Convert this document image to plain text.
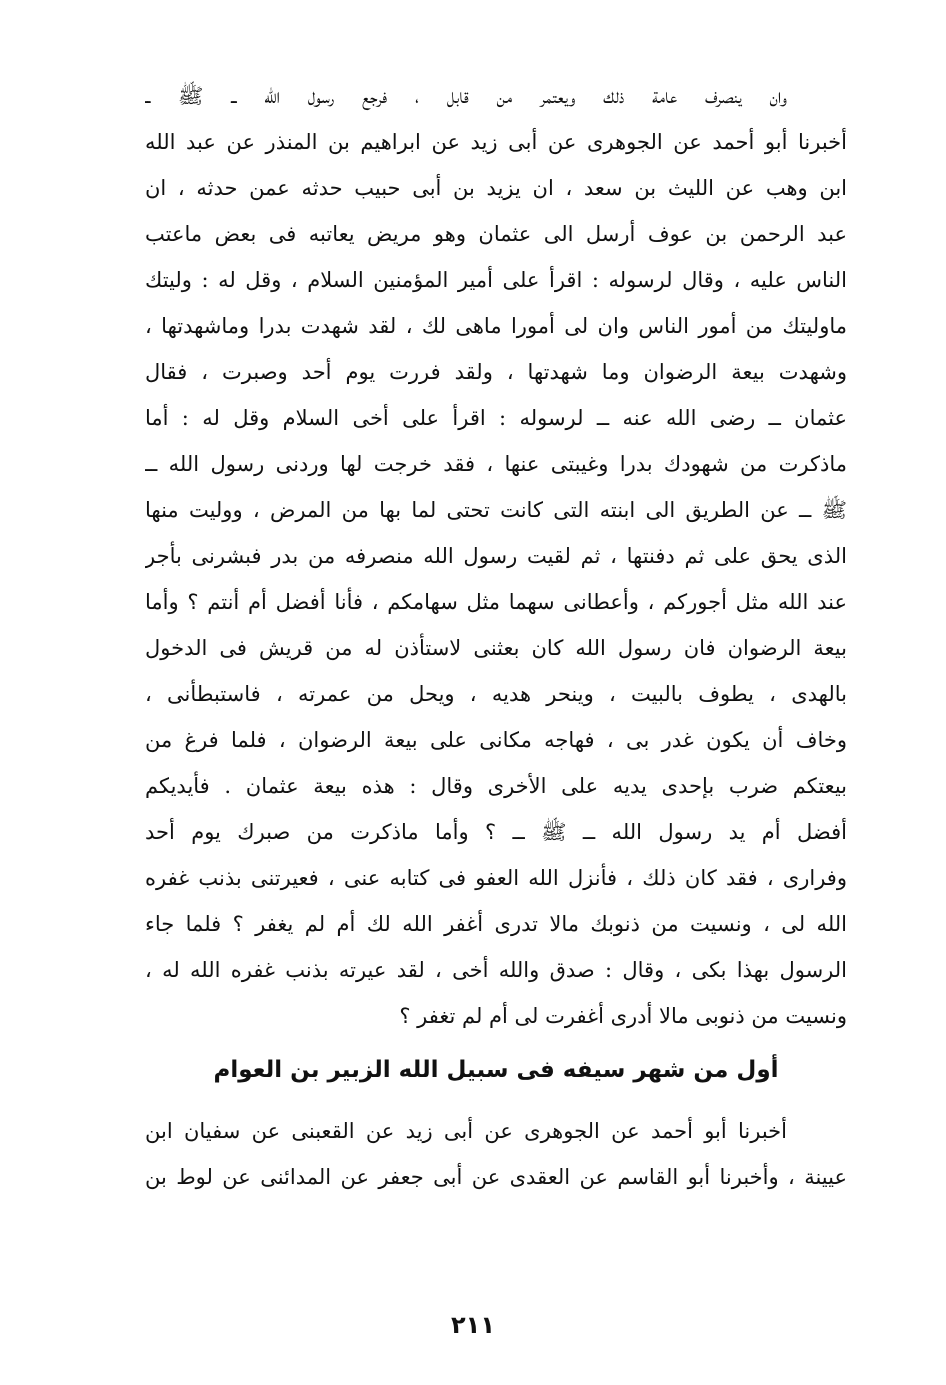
وان ينصرف عامة ذلك ويعتمر من قابل ، فرجع رسول الله ــ ﷺ ــ
أخبرنا أبو أحمد عن الجوهرى عن أبى زيد عن ابراهيم بن المنذر عن عبد الله
ابن وهب عن الليث بن سعد ، ان يزيد بن أبى حبيب حدثه عمن حدثه ، ان
عبد الرحمن بن عوف أرسل الى عثمان وهو مريض يعاتبه فى بعض ماعتب
الناس عليه ، وقال لرسوله : اقرأ على أمير المؤمنين السلام ، وقل له : وليتك
ماوليتك من أمور الناس وان لى أمورا ماهى لك ، لقد شهدت بدرا وماشهدتها ،
وشهدت بيعة الرضوان وما شهدتها ، ولقد فررت يوم أحد وصبرت ، فقال
عثمان ــ رضى الله عنه ــ لرسوله : اقرأ على أخى السلام وقل له : أما
ماذكرت من شهودك بدرا وغيبتى عنها ، فقد خرجت لها وردنى رسول الله ــ
ﷺ ــ عن الطريق الى ابنته التى كانت تحتى لما بها من المرض ، ووليت منها
الذى يحق على ثم دفنتها ، ثم لقيت رسول الله منصرفه من بدر فبشرنى بأجر
عند الله مثل أجوركم ، وأعطانى سهما مثل سهامكم ، فأنا أفضل أم أنتم ؟ وأما
بيعة الرضوان فان رسول الله كان بعثنى لاستأذن له من قريش فى الدخول
بالهدى ، يطوف بالبيت ، وينحر هديه ، ويحل من عمرته ، فاستبطأنى ،
وخاف أن يكون غدر بى ، فهاجه مكانى على بيعة الرضوان ، فلما فرغ من
بيعتكم ضرب بإحدى يديه على الأخرى وقال : هذه بيعة عثمان . فأيديكم
أفضل أم يد رسول الله ــ ﷺ ــ ؟ وأما ماذكرت من صبرك يوم أحد
وفرارى ، فقد كان ذلك ، فأنزل الله العفو فى كتابه عنى ، فعيرتنى بذنب غفره
الله لى ، ونسيت من ذنوبك مالا تدرى أغفر الله لك أم لم يغفر ؟ فلما جاء
الرسول بهذا بكى ، وقال : صدق والله أخى ، لقد عيرته بذنب غفره الله له ،
ونسيت من ذنوبى مالا أدرى أغفرت لى أم لم تغفر ؟
أول من شهر سيفه فى سبيل الله الزبير بن العوام
أخبرنا أبو أحمد عن الجوهرى عن أبى زيد عن القعبنى عن سفيان ابن
عيينة ، وأخبرنا أبو القاسم عن العقدى عن أبى جعفر عن المدائنى عن لوط بن
٢١١
